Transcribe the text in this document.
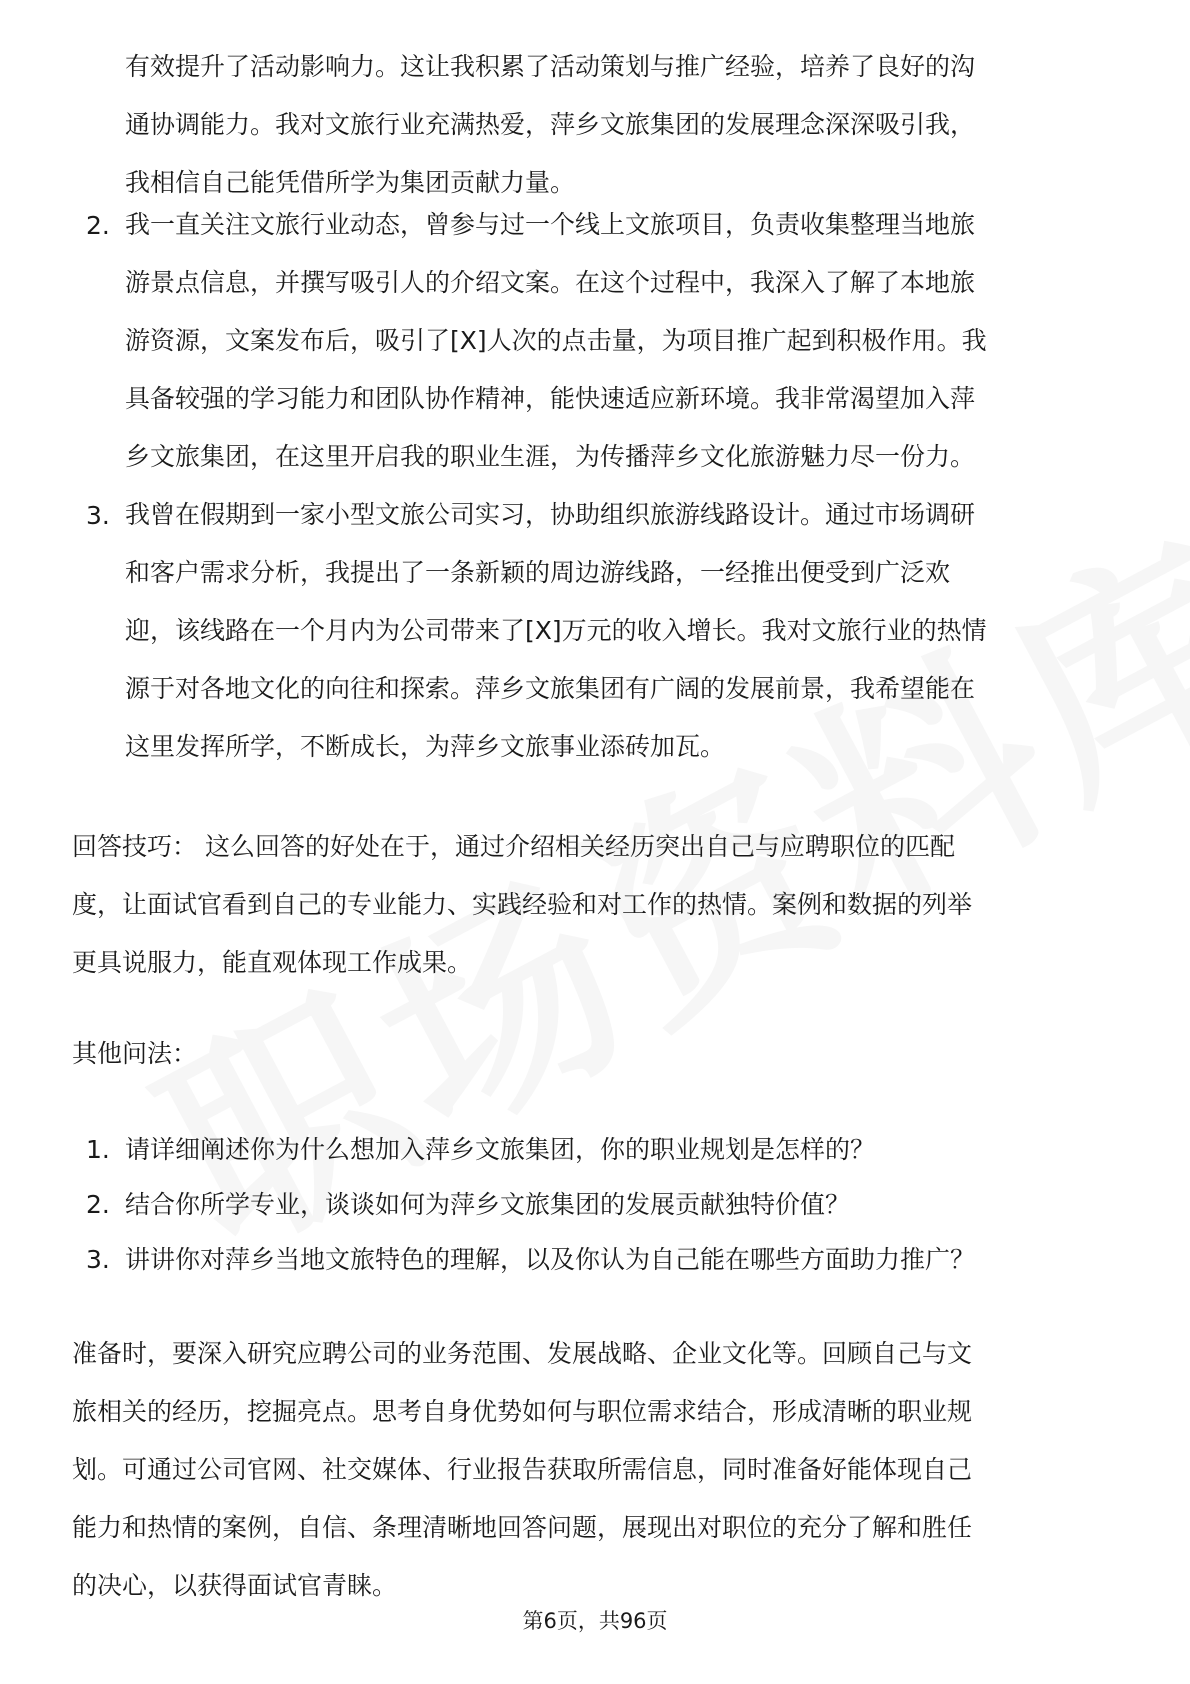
有效提升了活动影响力。这让我积累了活动策划与推广经验，培养了良好的沟
通协调能力。我对文旅行业充满热爱，萍乡文旅集团的发展理念深深吸引我，
我相信自己能凭借所学为集团贡献力量。
2. 我一直关注文旅行业动态，曾参与过一个线上文旅项目，负责收集整理当地旅
游景点信息，并撰写吸引人的介绍文案。在这个过程中，我深入了解了本地旅
游资源，文案发布后，吸引了[X]人次的点击量，为项目推广起到积极作用。我
具备较强的学习能力和团队协作精神，能快速适应新环境。我非常渴望加入萍
乡文旅集团，在这里开启我的职业生涯，为传播萍乡文化旅游魅力尽一份力。
3. 我曾在假期到一家小型文旅公司实习，协助组织旅游线路设计。通过市场调研
和客户需求分析，我提出了一条新颖的周边游线路，一经推出便受到广泛欢
迎，该线路在一个月内为公司带来了[X]万元的收入增长。我对文旅行业的热情
源于对各地文化的向往和探索。萍乡文旅集团有广阔的发展前景，我希望能在
这里发挥所学，不断成长，为萍乡文旅事业添砖加瓦。
回答技巧： 这么回答的好处在于，通过介绍相关经历突出自己与应聘职位的匹配
度，让面试官看到自己的专业能力、实践经验和对工作的热情。案例和数据的列举
更具说服力，能直观体现工作成果。
其他问法：
1. 请详细阐述你为什么想加入萍乡文旅集团，你的职业规划是怎样的？
2. 结合你所学专业，谈谈如何为萍乡文旅集团的发展贡献独特价值？
3. 讲讲你对萍乡当地文旅特色的理解，以及你认为自己能在哪些方面助力推广？
准备时，要深入研究应聘公司的业务范围、发展战略、企业文化等。回顾自己与文
旅相关的经历，挖掘亮点。思考自身优势如何与职位需求结合，形成清晰的职业规
划。可通过公司官网、社交媒体、行业报告获取所需信息，同时准备好能体现自己
能力和热情的案例，自信、条理清晰地回答问题，展现出对职位的充分了解和胜任
的决心，以获得面试官青睐。
第6页，共96页
